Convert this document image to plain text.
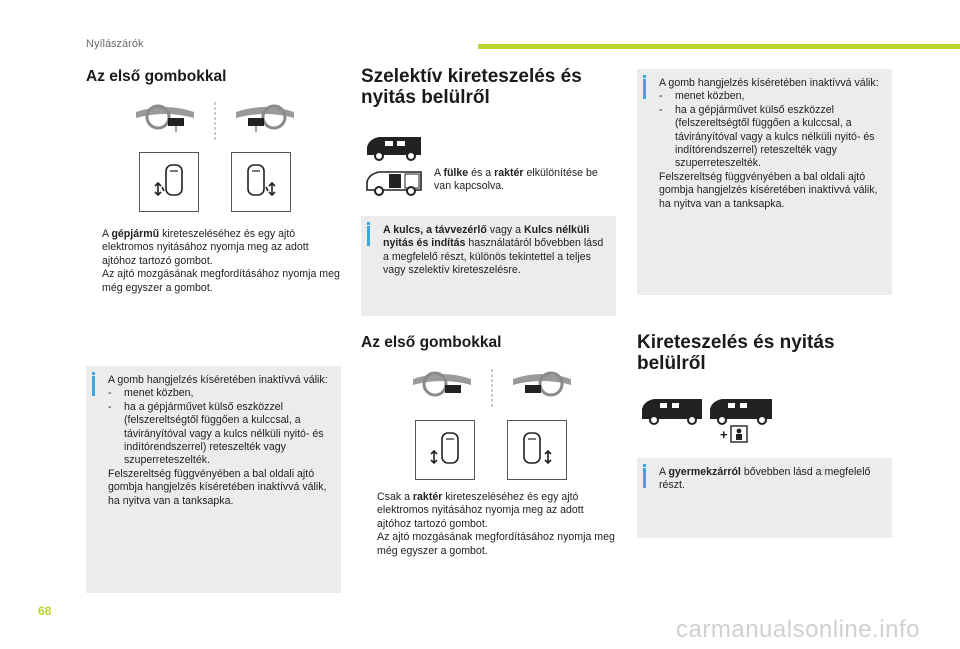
Nyílászárók
Az első gombokkal
A gépjármű kireteszeléséhez és egy ajtó elektromos nyitásához nyomja meg az adott ajtóhoz tartozó gombot.
Az ajtó mozgásának megfordításához nyomja meg még egyszer a gombot.
A gomb hangjelzés kíséretében inaktívvá válik:
-	menet közben,
-	ha a gépjárművet külső eszközzel (felszereltségtől függően a kulccsal, a távirányítóval vagy a kulcs nélküli nyitó- és indítórendszerrel) reteszelték vagy szuperreteszelték.
Felszereltség függvényében a bal oldali ajtó gombja hangjelzés kíséretében inaktívvá válik, ha nyitva van a tanksapka.
Szelektív kireteszelés és nyitás belülről
A fülke és a raktér elkülönítése be van kapcsolva.
A kulcs, a távvezérlő vagy a Kulcs nélküli nyitás és indítás használatáról bővebben lásd a megfelelő részt, különös tekintettel a teljes vagy szelektív kireteszelésre.
Az első gombokkal
Csak a raktér kireteszeléséhez és egy ajtó elektromos nyitásához nyomja meg az adott ajtóhoz tartozó gombot.
Az ajtó mozgásának megfordításához nyomja meg még egyszer a gombot.
A gomb hangjelzés kíséretében inaktívvá válik:
-	menet közben,
-	ha a gépjárművet külső eszközzel (felszereltségtől függően a kulccsal, a távirányítóval vagy a kulcs nélküli nyitó- és indítórendszerrel) reteszelték vagy szuperreteszelték.
Felszereltség függvényében a bal oldali ajtó gombja hangjelzés kíséretében inaktívvá válik, ha nyitva van a tanksapka.
Kireteszelés és nyitás belülről
+
A gyermekzárról bővebben lásd a megfelelő részt.
68
carmanualsonline.info
